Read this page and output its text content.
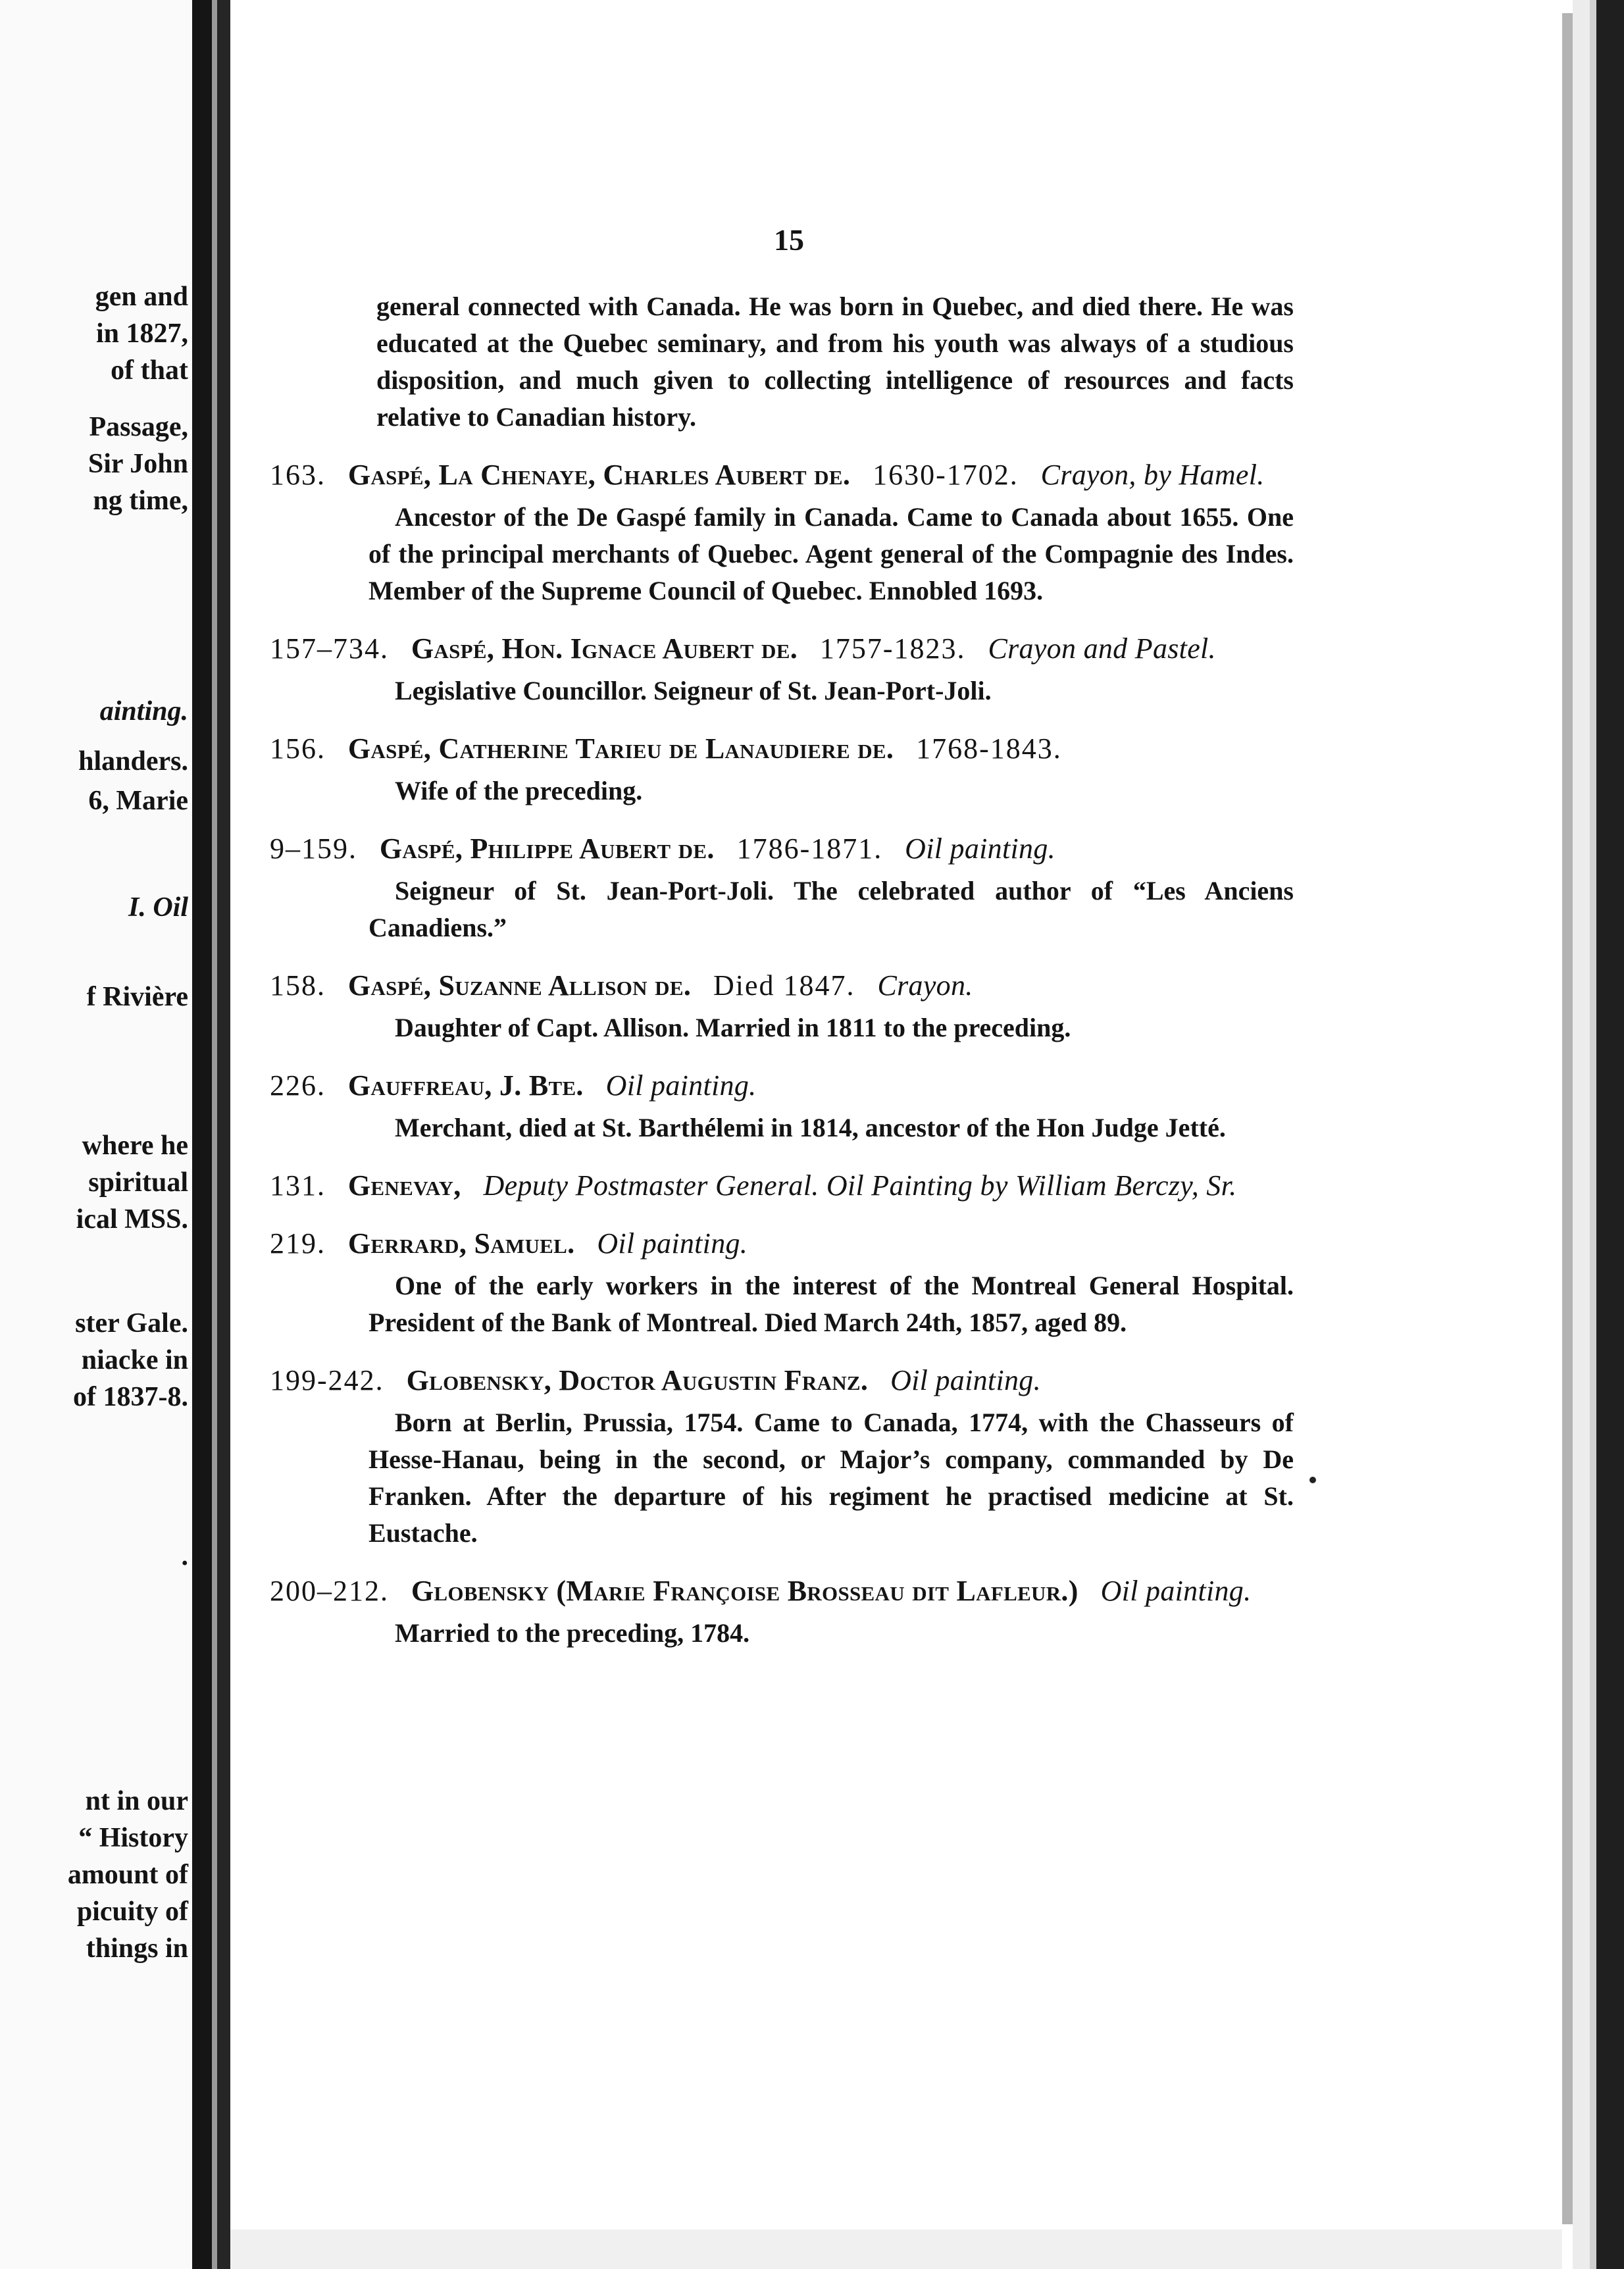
gen and
in 1827,
of that
Passage,
Sir John
ng time,
ainting.
hlanders.
6, Marie
I. Oil
f Rivière
where he
spiritual
ical MSS.
ster Gale.
niacke in
of 1837-8.
.
nt in our
“ History
amount of
picuity of
things in
15

general connected with Canada. He was born in Quebec, and died there. He was educated at the Quebec seminary, and from his youth was always of a studious disposition, and much given to collecting intelligence of resources and facts relative to Canadian history.

163. Gaspé, La Chenaye, Charles Aubert de. 1630-1702. Crayon, by Hamel.

Ancestor of the De Gaspé family in Canada. Came to Canada about 1655. One of the principal merchants of Quebec. Agent general of the Compagnie des Indes. Member of the Supreme Council of Quebec. Ennobled 1693.

157–734. Gaspé, Hon. Ignace Aubert de. 1757-1823. Crayon and Pastel.

Legislative Councillor. Seigneur of St. Jean-Port-Joli.

156. Gaspé, Catherine Tarieu de Lanaudiere de. 1768-1843.

Wife of the preceding.

9–159. Gaspé, Philippe Aubert de. 1786-1871. Oil painting.

Seigneur of St. Jean-Port-Joli. The celebrated author of “Les Anciens Canadiens.”

158. Gaspé, Suzanne Allison de. Died 1847. Crayon.

Daughter of Capt. Allison. Married in 1811 to the preceding.

226. Gauffreau, J. Bte. Oil painting.

Merchant, died at St. Barthélemi in 1814, ancestor of the Hon Judge Jetté.

131. Genevay, Deputy Postmaster General. Oil Painting by William Berczy, Sr.

219. Gerrard, Samuel. Oil painting.

One of the early workers in the interest of the Montreal General Hospital. President of the Bank of Montreal. Died March 24th, 1857, aged 89.

199-242. Globensky, Doctor Augustin Franz. Oil painting.

Born at Berlin, Prussia, 1754. Came to Canada, 1774, with the Chasseurs of Hesse-Hanau, being in the second, or Major’s company, commanded by De Franken. After the departure of his regiment he practised medicine at St. Eustache.

200–212. Globensky (Marie Françoise Brosseau dit Lafleur.) Oil painting.

Married to the preceding, 1784.
